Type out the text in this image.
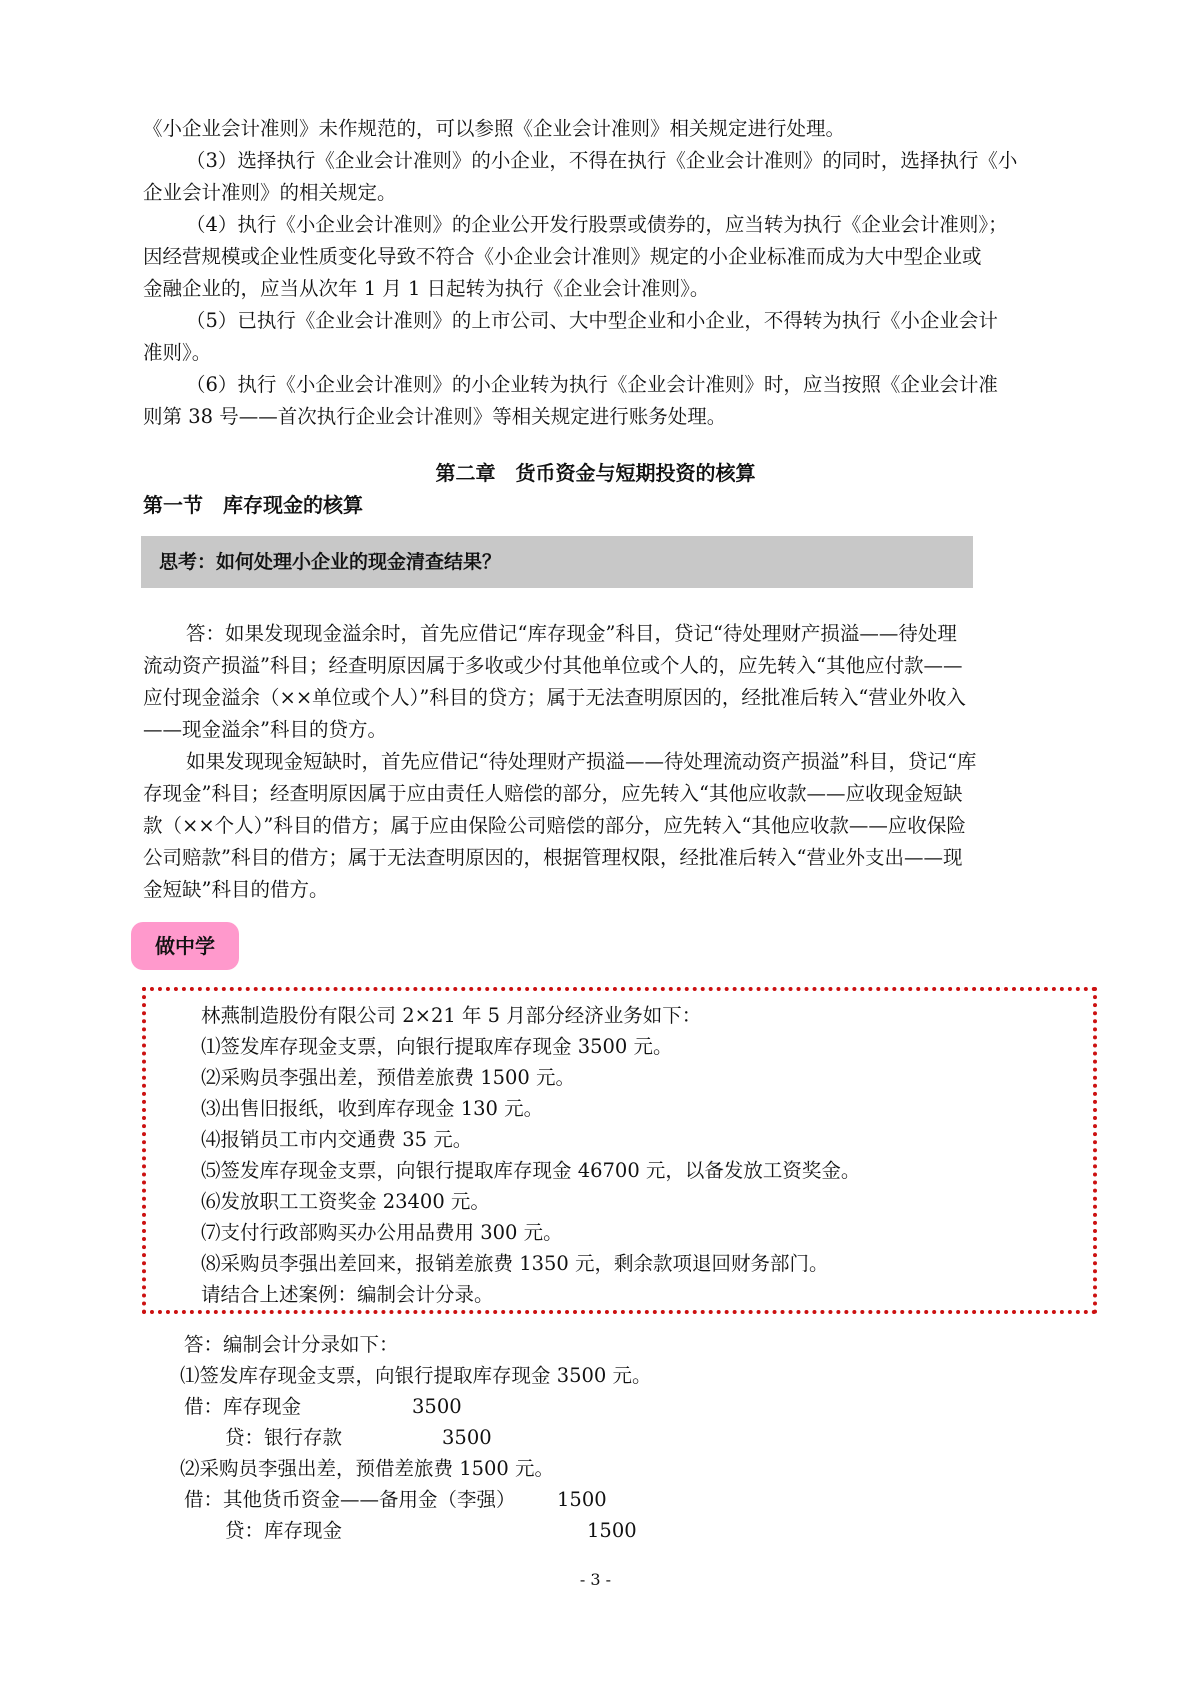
《小企业会计准则》未作规范的，可以参照《企业会计准则》相关规定进行处理。
（3）选择执行《企业会计准则》的小企业，不得在执行《企业会计准则》的同时，选择执行《小
企业会计准则》的相关规定。
（4）执行《小企业会计准则》的企业公开发行股票或债券的，应当转为执行《企业会计准则》；
因经营规模或企业性质变化导致不符合《小企业会计准则》规定的小企业标准而成为大中型企业或
金融企业的，应当从次年 1 月 1 日起转为执行《企业会计准则》。
（5）已执行《企业会计准则》的上市公司、大中型企业和小企业，不得转为执行《小企业会计
准则》。
（6）执行《小企业会计准则》的小企业转为执行《企业会计准则》时，应当按照《企业会计准
则第 38 号——首次执行企业会计准则》等相关规定进行账务处理。
第二章　货币资金与短期投资的核算
第一节　库存现金的核算
思考：如何处理小企业的现金清查结果？
答：如果发现现金溢余时，首先应借记“库存现金”科目，贷记“待处理财产损溢——待处理
流动资产损溢”科目；经查明原因属于多收或少付其他单位或个人的，应先转入“其他应付款——
应付现金溢余（××单位或个人）”科目的贷方；属于无法查明原因的，经批准后转入“营业外收入
——现金溢余”科目的贷方。
如果发现现金短缺时，首先应借记“待处理财产损溢——待处理流动资产损溢”科目，贷记“库
存现金”科目；经查明原因属于应由责任人赔偿的部分，应先转入“其他应收款——应收现金短缺
款（××个人）”科目的借方；属于应由保险公司赔偿的部分，应先转入“其他应收款——应收保险
公司赔款”科目的借方；属于无法查明原因的，根据管理权限，经批准后转入“营业外支出——现
金短缺”科目的借方。
做中学
林燕制造股份有限公司 2×21 年 5 月部分经济业务如下：
⑴签发库存现金支票，向银行提取库存现金 3500 元。
⑵采购员李强出差，预借差旅费 1500 元。
⑶出售旧报纸，收到库存现金 130 元。
⑷报销员工市内交通费 35 元。
⑸签发库存现金支票，向银行提取库存现金 46700 元，以备发放工资奖金。
⑹发放职工工资奖金 23400 元。
⑺支付行政部购买办公用品费用 300 元。
⑻采购员李强出差回来，报销差旅费 1350 元，剩余款项退回财务部门。
请结合上述案例：编制会计分录。
答：编制会计分录如下：
⑴签发库存现金支票，向银行提取库存现金 3500 元。
借：库存现金	3500
贷：银行存款	3500
⑵采购员李强出差，预借差旅费 1500 元。
借：其他货币资金——备用金（李强） 1500
贷：库存现金	1500
- 3 -
